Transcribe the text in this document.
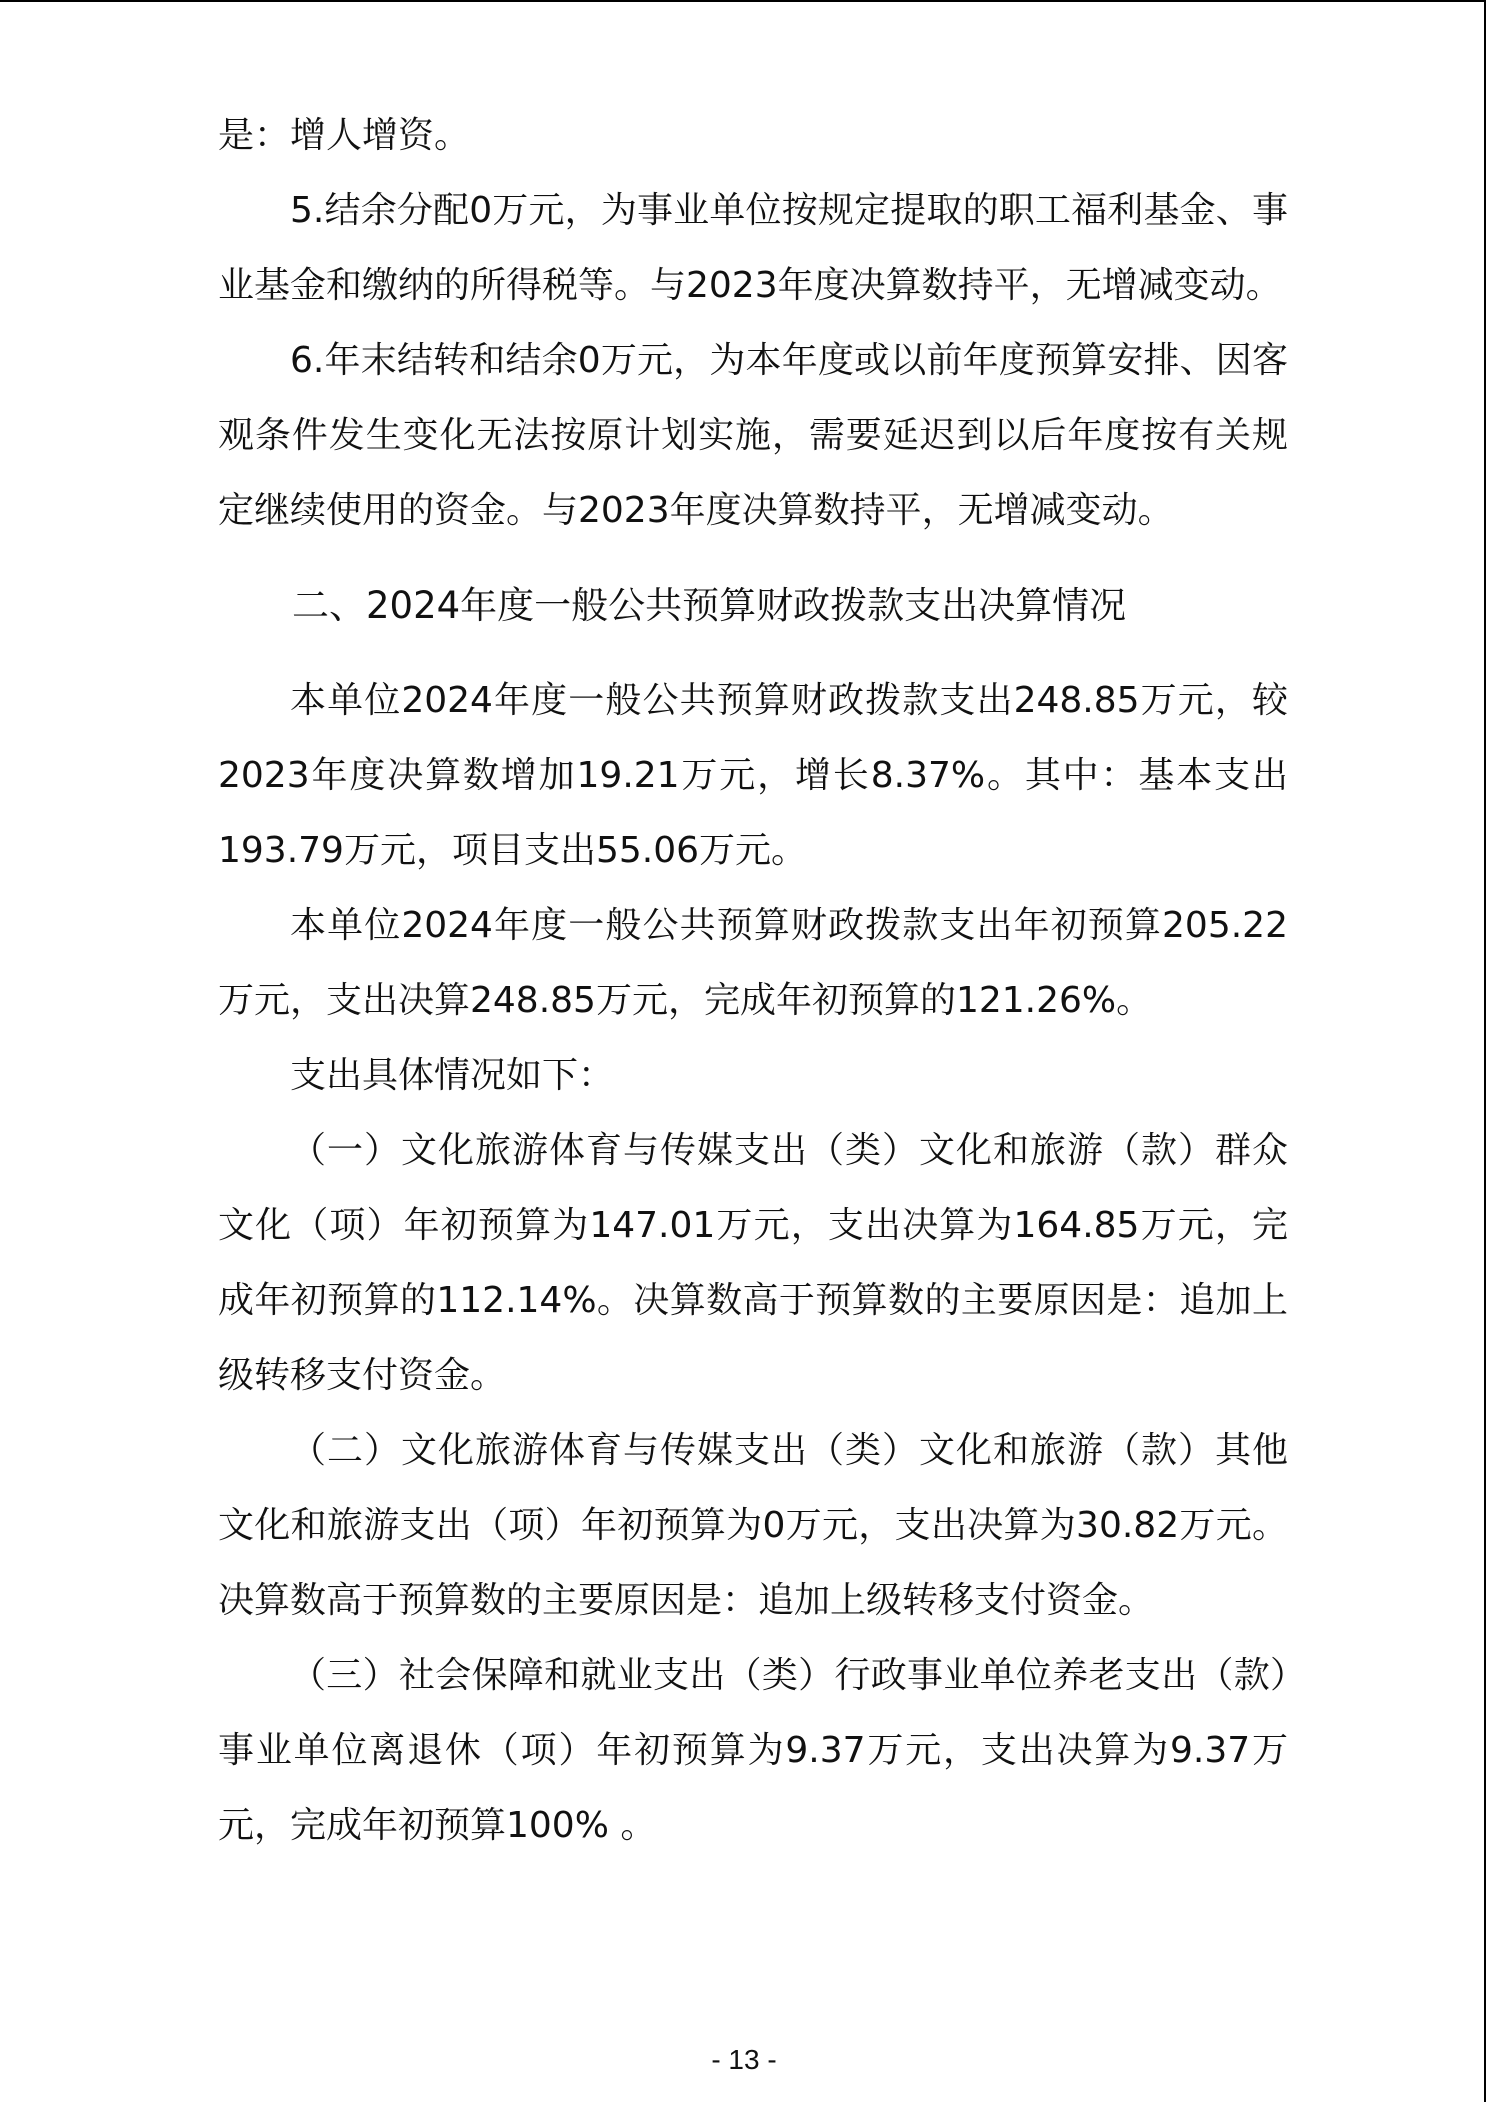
是：增人增资。

5.结余分配0万元，为事业单位按规定提取的职工福利基金、事业基金和缴纳的所得税等。与2023年度决算数持平，无增减变动。

6.年末结转和结余0万元，为本年度或以前年度预算安排、因客观条件发生变化无法按原计划实施，需要延迟到以后年度按有关规定继续使用的资金。与2023年度决算数持平，无增减变动。

二、2024年度一般公共预算财政拨款支出决算情况

本单位2024年度一般公共预算财政拨款支出248.85万元，较2023年度决算数增加19.21万元，增长8.37%。其中：基本支出193.79万元，项目支出55.06万元。

本单位2024年度一般公共预算财政拨款支出年初预算205.22万元，支出决算248.85万元，完成年初预算的121.26%。

支出具体情况如下：

（一）文化旅游体育与传媒支出（类）文化和旅游（款）群众文化（项）年初预算为147.01万元，支出决算为164.85万元，完成年初预算的112.14%。决算数高于预算数的主要原因是：追加上级转移支付资金。

（二）文化旅游体育与传媒支出（类）文化和旅游（款）其他文化和旅游支出（项）年初预算为0万元，支出决算为30.82万元。决算数高于预算数的主要原因是：追加上级转移支付资金。

（三）社会保障和就业支出（类）行政事业单位养老支出（款）事业单位离退休（项）年初预算为9.37万元，支出决算为9.37万元，完成年初预算100% 。

- 13 -
